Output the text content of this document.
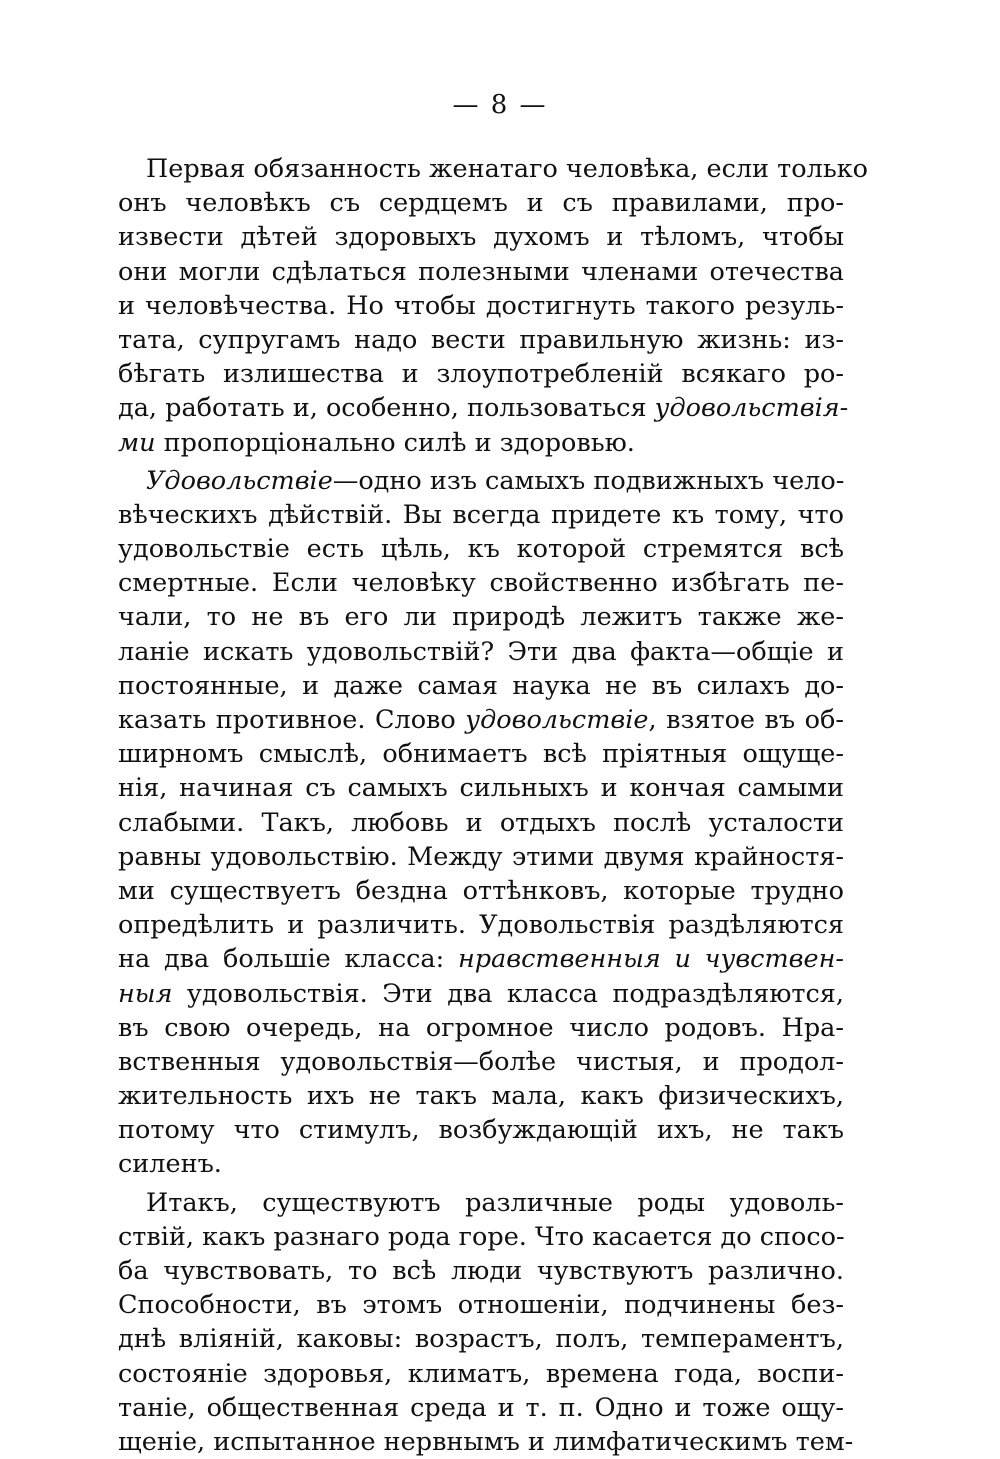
— 8 —
Первая обязанность женатаго человѣка, если только
онъ человѣкъ съ сердцемъ и съ правилами, про-
извести дѣтей здоровыхъ духомъ и тѣломъ, чтобы
они могли сдѣлаться полезными членами отечества
и человѣчества. Но чтобы достигнуть такого резуль-
тата, супругамъ надо вести правильную жизнь: из-
бѣгать излишества и злоупотребленій всякаго ро-
да, работать и, особенно, пользоваться удовольствія-
ми пропорціонально силѣ и здоровью.
Удовольствіе—одно изъ самыхъ подвижныхъ чело-
вѣческихъ дѣйствій. Вы всегда придете къ тому, что
удовольствіе есть цѣль, къ которой стремятся всѣ
смертные. Если человѣку свойственно избѣгать пе-
чали, то не въ его ли природѣ лежитъ также же-
ланіе искать удовольствій? Эти два факта—общіе и
постоянные, и даже самая наука не въ силахъ до-
казать противное. Слово удовольствіе, взятое въ об-
ширномъ смыслѣ, обнимаетъ всѣ пріятныя ощуще-
нія, начиная съ самыхъ сильныхъ и кончая самыми
слабыми. Такъ, любовь и отдыхъ послѣ усталости
равны удовольствію. Между этими двумя крайностя-
ми существуетъ бездна оттѣнковъ, которые трудно
опредѣлить и различить. Удовольствія раздѣляются
на два большіе класса: нравственныя и чувствен-
ныя удовольствія. Эти два класса подраздѣляются,
въ свою очередь, на огромное число родовъ. Нра-
вственныя удовольствія—болѣе чистыя, и продол-
жительность ихъ не такъ мала, какъ физическихъ,
потому что стимулъ, возбуждающій ихъ, не такъ
силенъ.
Итакъ, существуютъ различные роды удоволь-
ствій, какъ разнаго рода горе. Что касается до спосо-
ба чувствовать, то всѣ люди чувствуютъ различно.
Способности, въ этомъ отношеніи, подчинены без-
днѣ вліяній, каковы: возрастъ, полъ, темпераментъ,
состояніе здоровья, климатъ, времена года, воспи-
таніе, общественная среда и т. п. Одно и тоже ощу-
щеніе, испытанное нервнымъ и лимфатическимъ тем-
